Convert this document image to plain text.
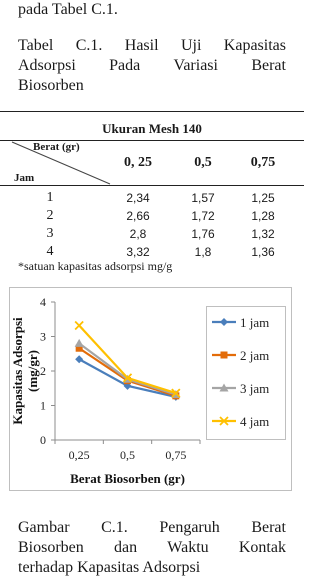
pada Tabel C.1.
Tabel C.1. Hasil Uji Kapasitas
Adsorpsi Pada Variasi Berat
Biosorben
Ukuran Mesh 140
Berat (gr)
Jam
0, 25	0,5	0,75
1	2,34	1,57	1,25
2	2,66	1,72	1,28
3	2,8	1,76	1,32
4	3,32	1,8	1,36
*satuan kapasitas adsorpsi mg/g
0
1
2
3
4
0,25	0,5	0,75
Berat Biosorben (gr)
Kapasitas Adsorpsi (mg/gr)
1 jam
2 jam
3 jam
4 jam
Gambar C.1. Pengaruh Berat
Biosorben dan Waktu Kontak
terhadap Kapasitas Adsorpsi
